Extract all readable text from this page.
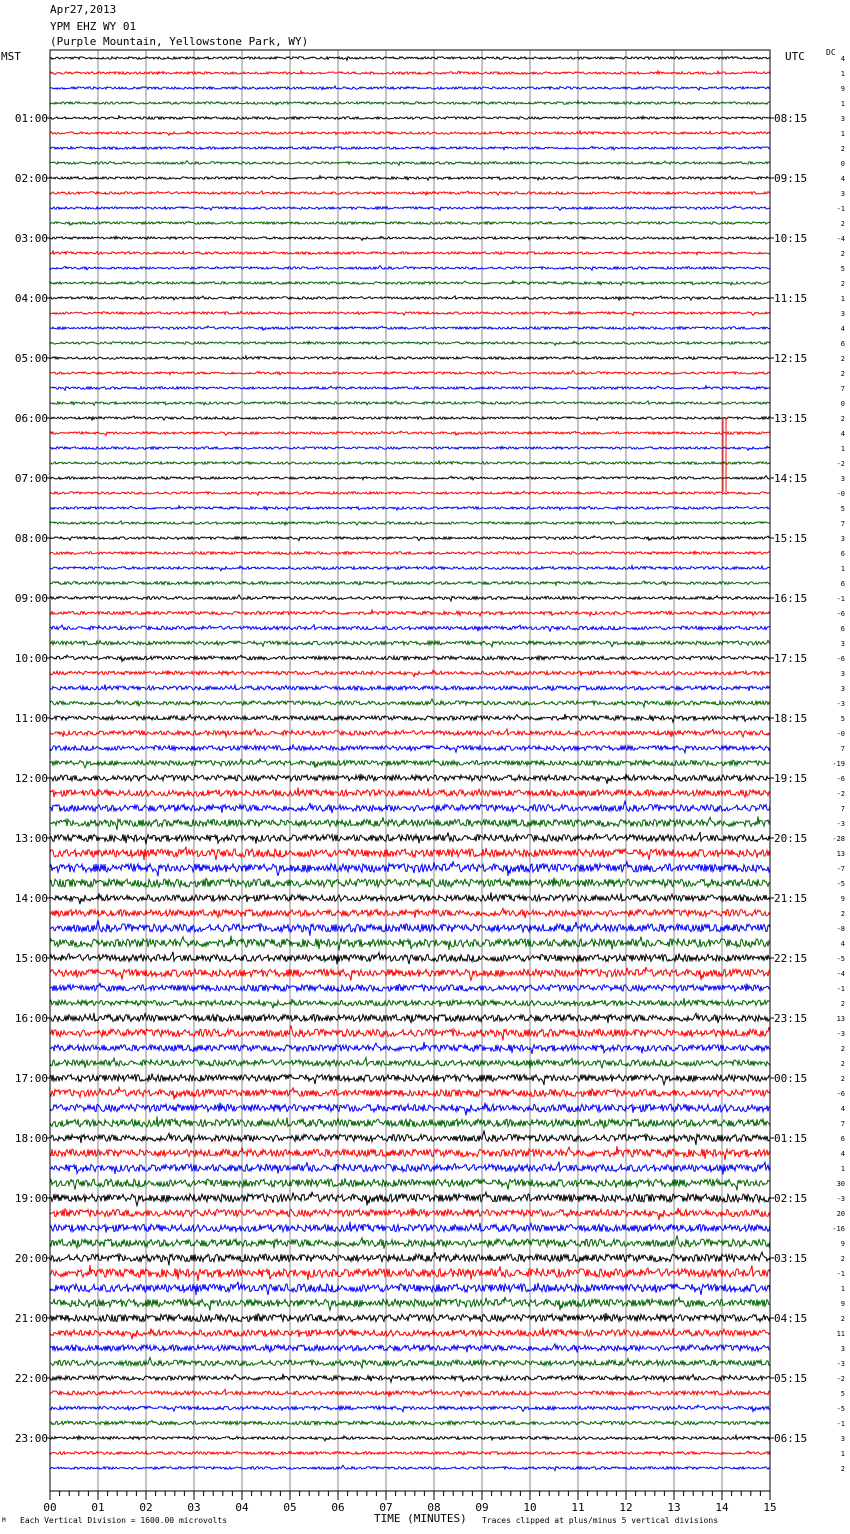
Apr27,2013
YPM EHZ WY 01
(Purple Mountain, Yellowstone Park, WY)
MST	UTC	DC
00	01	02	03	04	05	06	07	08	09	10	11	12	13	14	15
4
1
9
1
3
1
2
0
4
3
-1
2
-4
2
5
2
1
3
4
6
2
2
7
0
2
4
1
-2
3
-0
5
7
3
6
1
6
-1
-6
6
3
-6
3
3
-3
5
-0
7
-19
-6
-2
7
-3
-28
13
-7
-5
9
2
-8
4
-5
-4
-1
2
13
-3
2
2
2
-6
4
7
6
4
1
30
-3
20
-16
9
2
-1
1
9
2
11
3
-3
-2
5
-5
-1
3
1
2
01:00
02:00
03:00
04:00
05:00
06:00
07:00
08:00
09:00
10:00
11:00
12:00
13:00
14:00
15:00
16:00
17:00
18:00
19:00
20:00
21:00
22:00
23:00
08:15
09:15
10:15
11:15
12:15
13:15
14:15
15:15
16:15
17:15
18:15
19:15
20:15
21:15
22:15
23:15
00:15
01:15
02:15
03:15
04:15
05:15
06:15
TIME (MINUTES)
Each Vertical Division = 1600.00 microvolts	Traces clipped at plus/minus 5 vertical divisions
M
